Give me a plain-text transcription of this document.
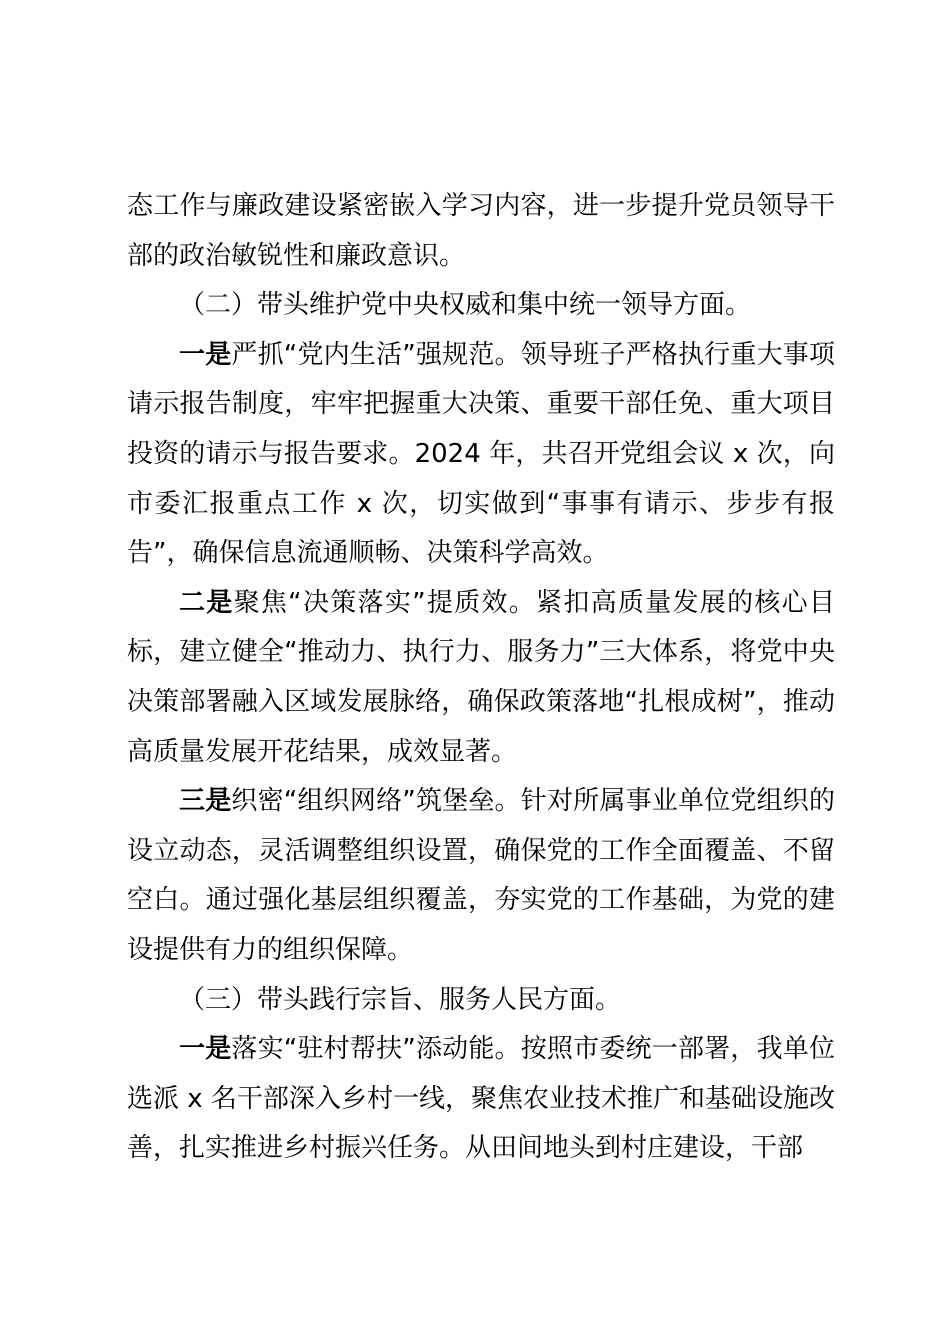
态工作与廉政建设紧密嵌入学习内容，进一步提升党员领导干部的政治敏锐性和廉政意识。

（二）带头维护党中央权威和集中统一领导方面。

一是严抓“党内生活”强规范。领导班子严格执行重大事项请示报告制度，牢牢把握重大决策、重要干部任免、重大项目投资的请示与报告要求。2024 年，共召开党组会议 x 次，向市委汇报重点工作 x 次，切实做到“事事有请示、步步有报告”，确保信息流通顺畅、决策科学高效。

二是聚焦“决策落实”提质效。紧扣高质量发展的核心目标，建立健全“推动力、执行力、服务力”三大体系，将党中央决策部署融入区域发展脉络，确保政策落地“扎根成树”，推动高质量发展开花结果，成效显著。

三是织密“组织网络”筑堡垒。针对所属事业单位党组织的设立动态，灵活调整组织设置，确保党的工作全面覆盖、不留空白。通过强化基层组织覆盖，夯实党的工作基础，为党的建设提供有力的组织保障。

（三）带头践行宗旨、服务人民方面。

一是落实“驻村帮扶”添动能。按照市委统一部署，我单位选派 x 名干部深入乡村一线，聚焦农业技术推广和基础设施改善，扎实推进乡村振兴任务。从田间地头到村庄建设，干部
